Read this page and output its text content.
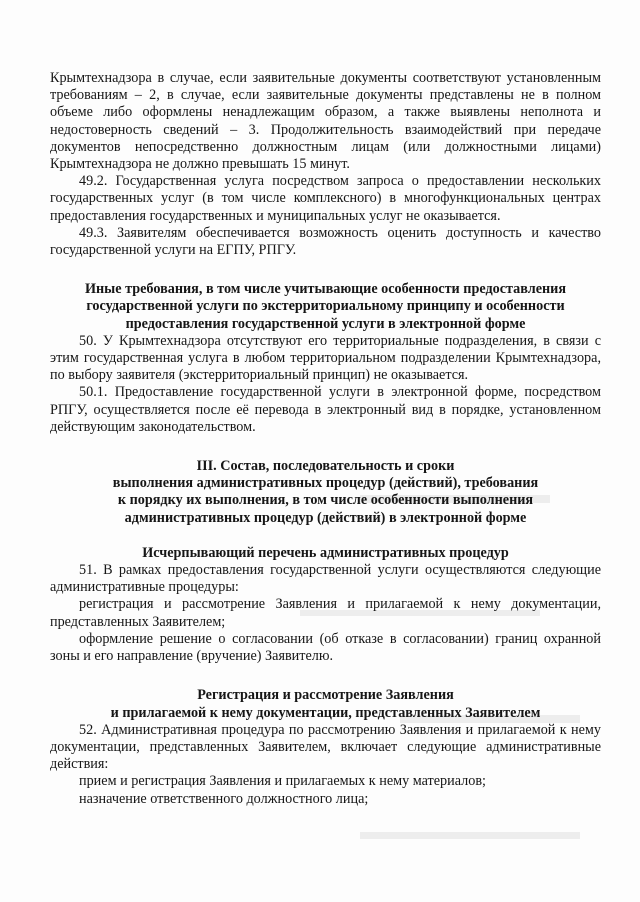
Крымтехнадзора в случае, если заявительные документы соответствуют установленным требованиям – 2, в случае, если заявительные документы представлены не в полном объеме либо оформлены ненадлежащим образом, а также выявлены неполнота и недостоверность сведений – 3. Продолжительность взаимодействий при передаче документов непосредственно должностным лицам (или должностными лицами) Крымтехнадзора не должно превышать 15 минут.

49.2. Государственная услуга посредством запроса о предоставлении нескольких государственных услуг (в том числе комплексного) в многофункциональных центрах предоставления государственных и муниципальных услуг не оказывается.

49.3. Заявителям обеспечивается возможность оценить доступность и качество государственной услуги на ЕГПУ, РПГУ.

Иные требования, в том числе учитывающие особенности предоставления государственной услуги по экстерриториальному принципу и особенности предоставления государственной услуги в электронной форме

50. У Крымтехнадзора отсутствуют его территориальные подразделения, в связи с этим государственная услуга в любом территориальном подразделении Крымтехнадзора, по выбору заявителя (экстерриториальный принцип) не оказывается.

50.1. Предоставление государственной услуги в электронной форме, посредством РПГУ, осуществляется после её перевода в электронный вид в порядке, установленном действующим законодательством.

III. Состав, последовательность и сроки

выполнения административных процедур (действий), требования

к порядку их выполнения, в том числе особенности выполнения

административных процедур (действий) в электронной форме

Исчерпывающий перечень административных процедур

51. В рамках предоставления государственной услуги осуществляются следующие административные процедуры:

регистрация и рассмотрение Заявления и прилагаемой к нему документации, представленных Заявителем;

оформление решение о согласовании (об отказе в согласовании) границ охранной зоны и его направление (вручение) Заявителю.

Регистрация и рассмотрение Заявления

и прилагаемой к нему документации, представленных Заявителем

52. Административная процедура по рассмотрению Заявления и прилагаемой к нему документации, представленных Заявителем, включает следующие административные действия:

прием и регистрация Заявления и прилагаемых к нему материалов;

назначение ответственного должностного лица;
